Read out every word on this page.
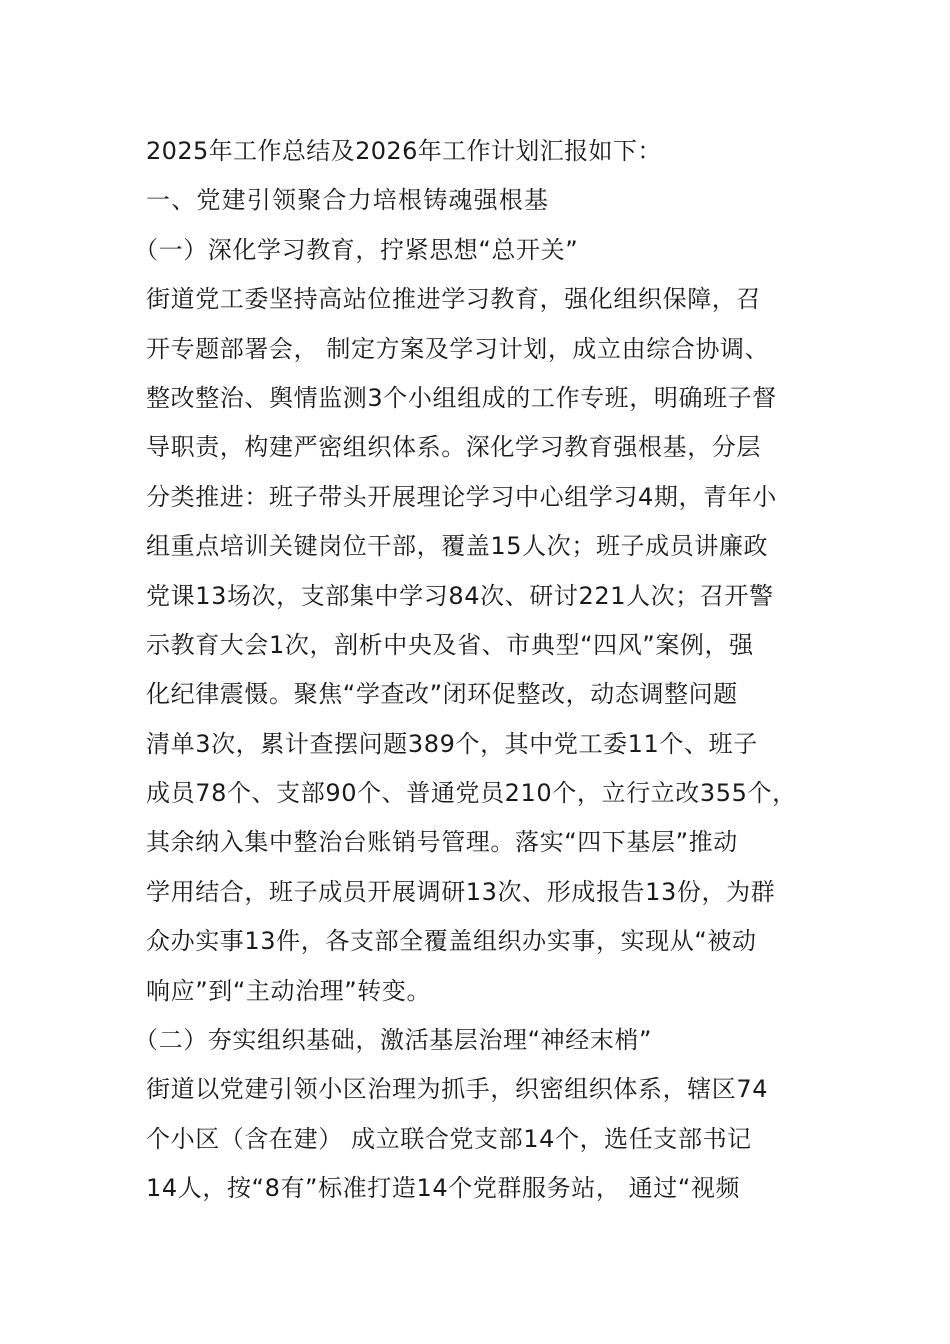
2025年工作总结及2026年工作计划汇报如下：
一、党建引领聚合力培根铸魂强根基
（一）深化学习教育，拧紧思想“总开关”
街道党工委坚持高站位推进学习教育，强化组织保障，召
开专题部署会， 制定方案及学习计划，成立由综合协调、
整改整治、舆情监测3个小组组成的工作专班，明确班子督
导职责，构建严密组织体系。深化学习教育强根基，分层
分类推进：班子带头开展理论学习中心组学习4期，青年小
组重点培训关键岗位干部，覆盖15人次；班子成员讲廉政
党课13场次，支部集中学习84次、研讨221人次；召开警
示教育大会1次，剖析中央及省、市典型“四风”案例，强
化纪律震慑。聚焦“学查改”闭环促整改，动态调整问题
清单3次，累计查摆问题389个，其中党工委11个、班子
成员78个、支部90个、普通党员210个，立行立改355个，
其余纳入集中整治台账销号管理。落实“四下基层”推动
学用结合，班子成员开展调研13次、形成报告13份，为群
众办实事13件，各支部全覆盖组织办实事，实现从“被动
响应”到“主动治理”转变。
（二）夯实组织基础，激活基层治理“神经末梢”
街道以党建引领小区治理为抓手，织密组织体系，辖区74
个小区（含在建） 成立联合党支部14个，选任支部书记
14人，按“8有”标准打造14个党群服务站， 通过“视频
